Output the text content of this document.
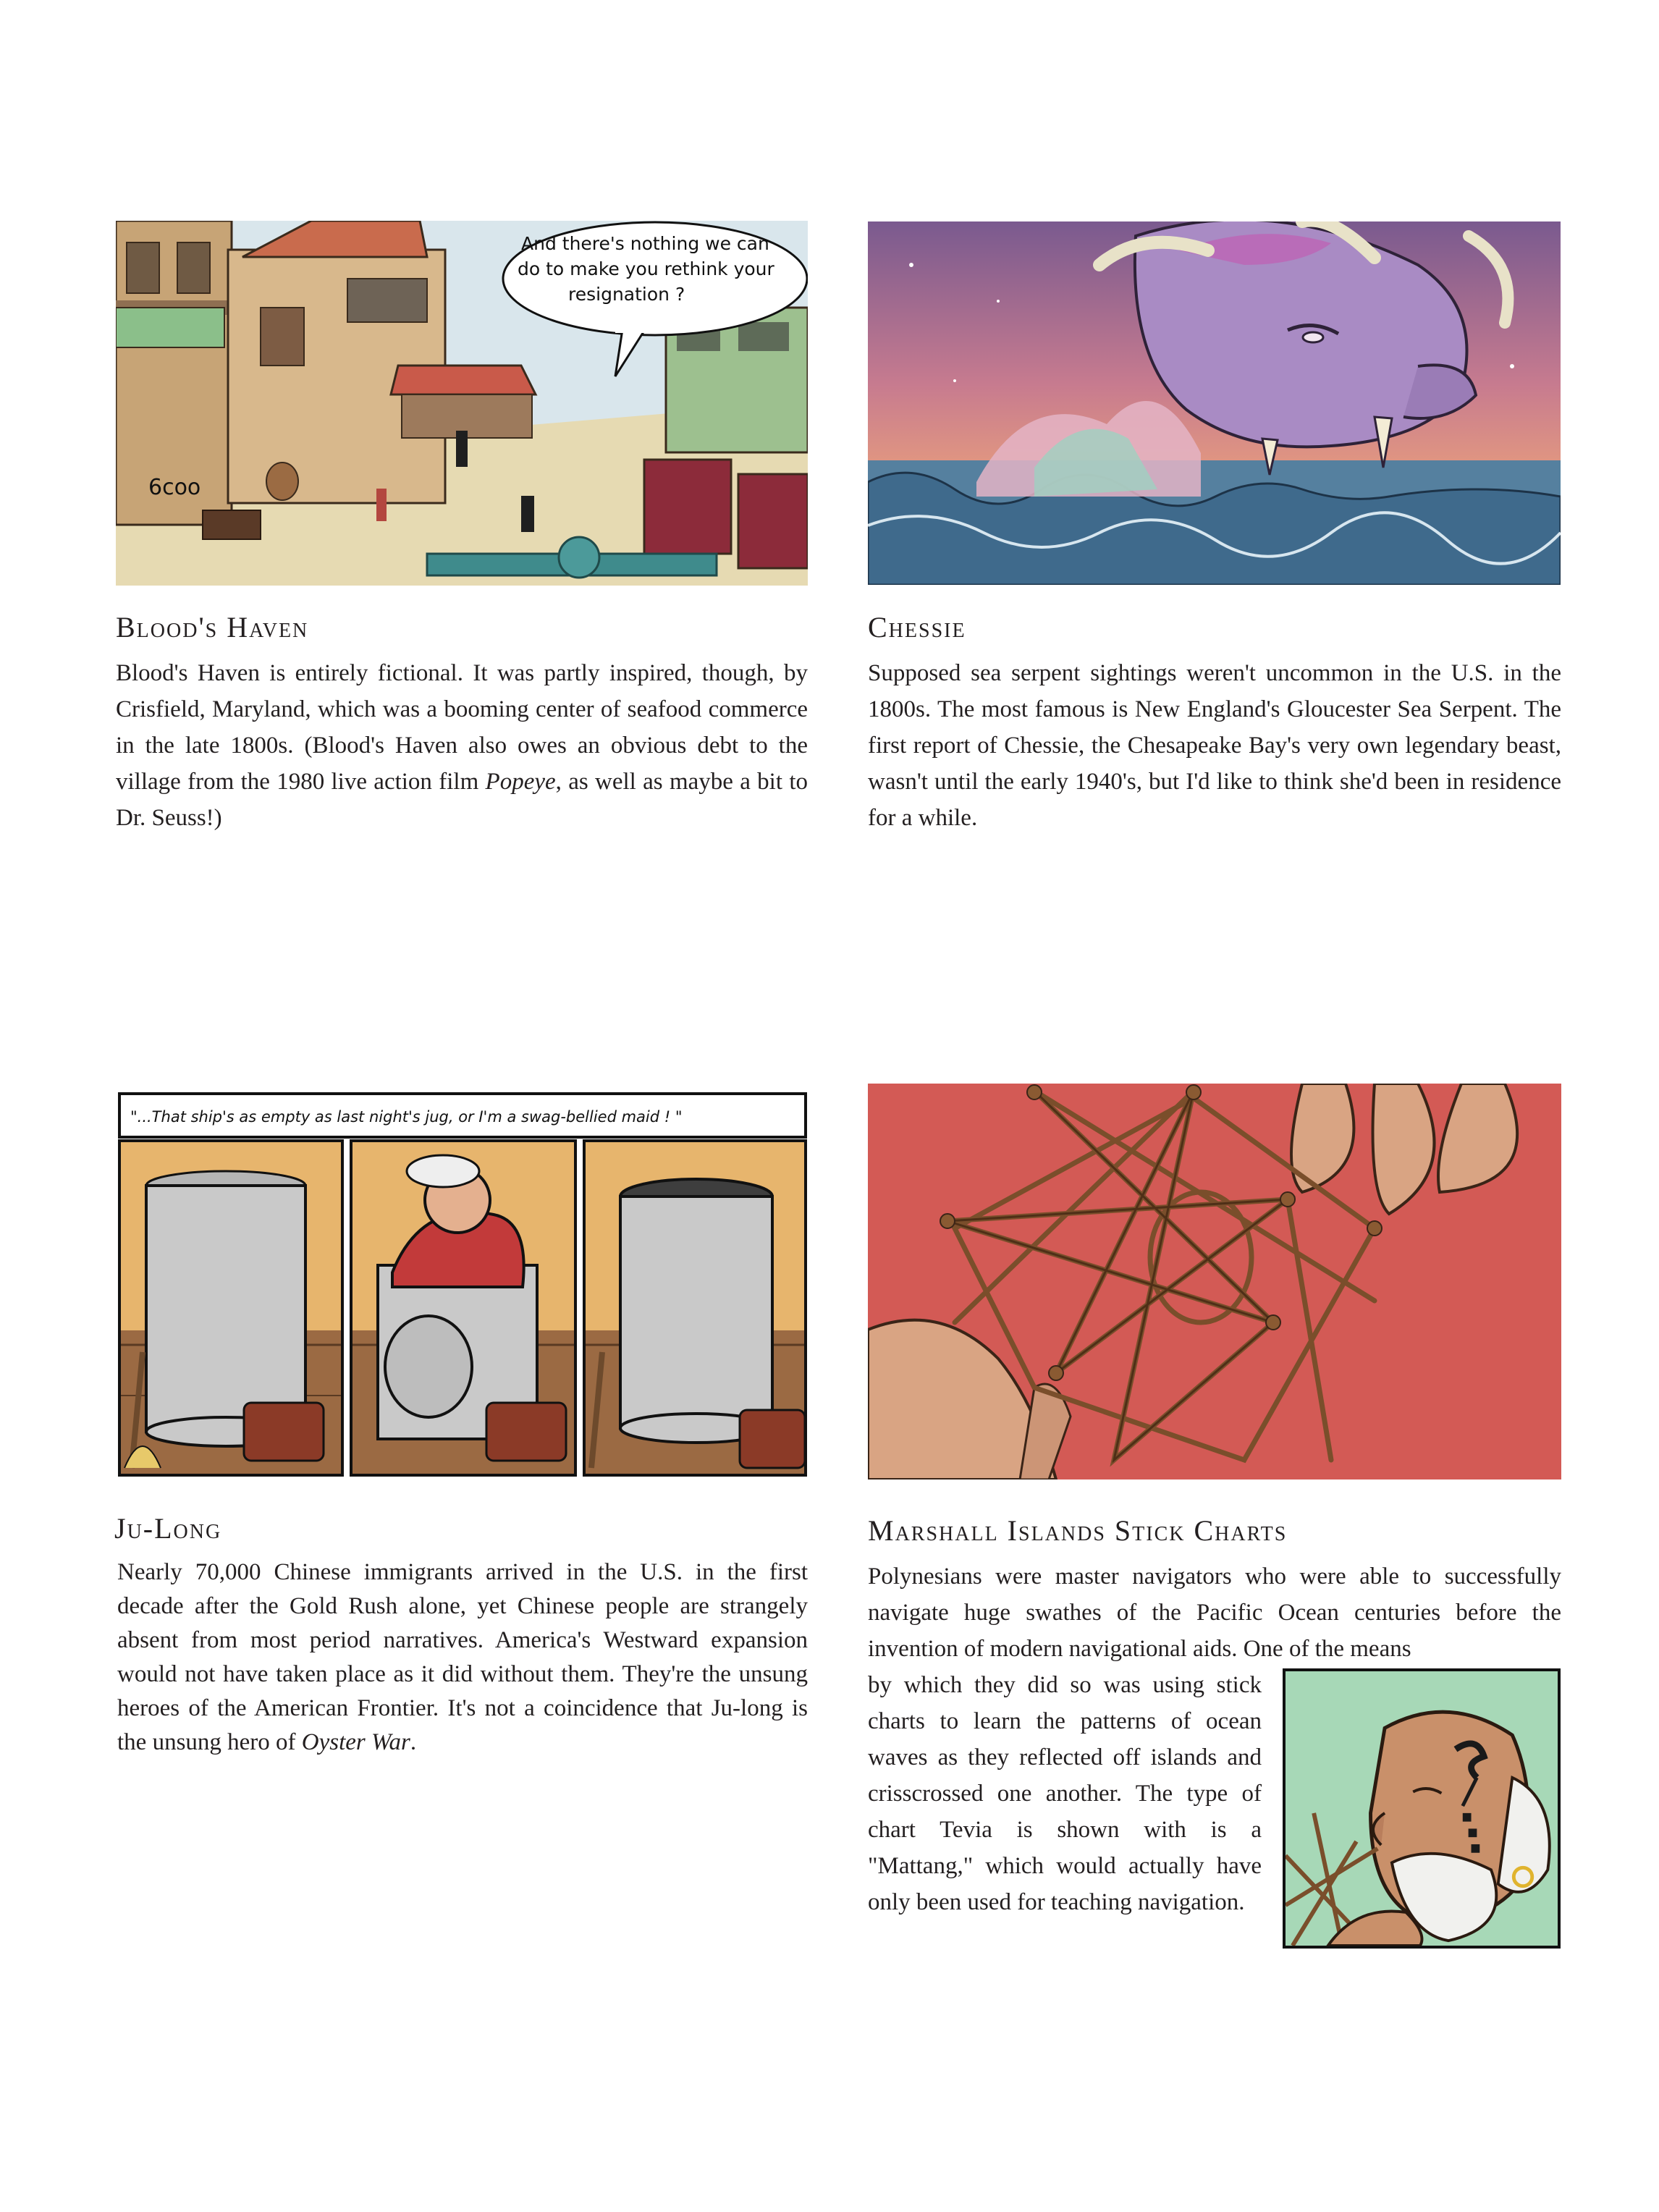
6coo
And there's nothing we can
do to make you rethink your
resignation ?
Blood's Haven

Blood's Haven is entirely fictional. It was partly inspired, though, by Crisfield, Maryland, which was a booming center of seafood commerce in the late 1800s. (Blood's Haven also owes an obvious debt to the village from the 1980 live action film Popeye, as well as maybe a bit to Dr. Seuss!)

Chessie
Supposed sea serpent sightings weren't uncommon in the U.S. in the 1800s. The most famous is New England's Gloucester Sea Serpent. The first report of Chessie, the Chesapeake Bay's very own legendary beast, wasn't until the early 1940's, but I'd like to think she'd been in residence for a while.
"...That ship's as empty as last night's jug, or I'm a swag-bellied maid ! "
Ju-Long

Nearly 70,000 Chinese immigrants arrived in the U.S. in the first decade after the Gold Rush alone, yet Chinese people are strangely absent from most period narratives. America's Westward expansion would not have taken place as it did without them. They're the unsung heroes of the American Frontier. It's not a coincidence that Ju-long is the unsung hero of Oyster War.

Marshall Islands Stick Charts
Polynesians were master navigators who were able to successfully navigate huge swathes of the Pacific Ocean centuries before the invention of modern navigational aids. One of the means
by which they did so was using stick charts to learn the patterns of ocean waves as they reflected off islands and crisscrossed one another. The type of chart Tevia is shown with is a "Mattang," which would actually have only been used for teaching navigation.
